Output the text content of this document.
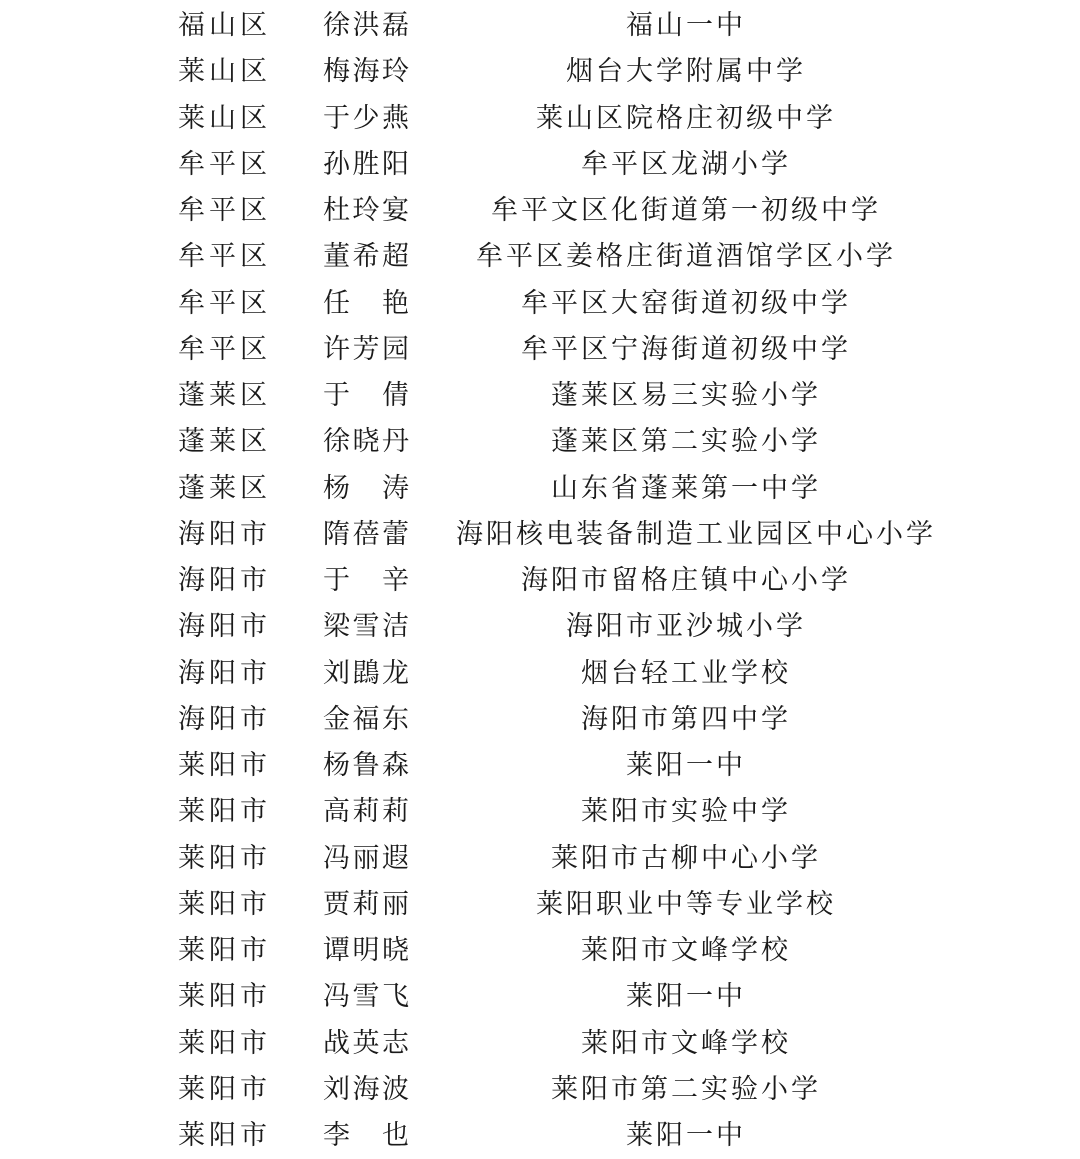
福山区 徐洪磊	福山一中
莱山区 梅海玲	烟台大学附属中学
莱山区 于少燕	莱山区院格庄初级中学
牟平区 孙胜阳	牟平区龙湖小学
牟平区 杜玲宴	牟平文区化街道第一初级中学
牟平区 董希超	牟平区姜格庄街道酒馆学区小学
牟平区 任 艳	牟平区大窑街道初级中学
牟平区 许芳园	牟平区宁海街道初级中学
蓬莱区 于 倩	蓬莱区易三实验小学
蓬莱区 徐晓丹	蓬莱区第二实验小学
蓬莱区 杨 涛	山东省蓬莱第一中学
海阳市 隋蓓蕾 海阳核电装备制造工业园区中心小学
海阳市 于 辛	海阳市留格庄镇中心小学
海阳市 梁雪洁	海阳市亚沙城小学
海阳市 刘鵾龙	烟台轻工业学校
海阳市 金福东	海阳市第四中学
莱阳市 杨鲁森	莱阳一中
莱阳市 高莉莉	莱阳市实验中学
莱阳市 冯丽遐	莱阳市古柳中心小学
莱阳市 贾莉丽	莱阳职业中等专业学校
莱阳市 谭明晓	莱阳市文峰学校
莱阳市 冯雪飞	莱阳一中
莱阳市 战英志	莱阳市文峰学校
莱阳市 刘海波	莱阳市第二实验小学
莱阳市 李 也	莱阳一中
